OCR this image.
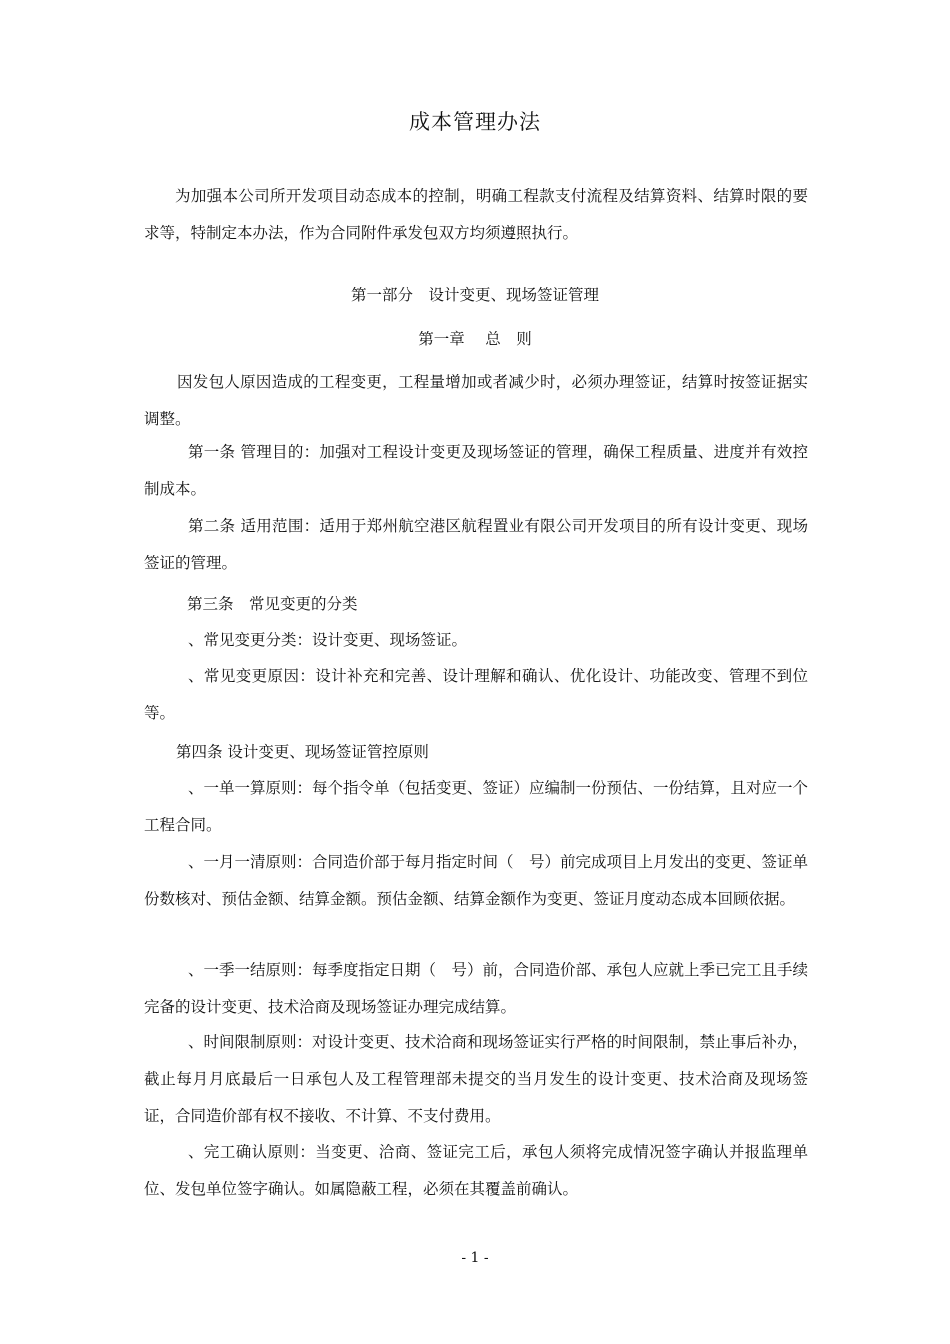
成本管理办法

为加强本公司所开发项目动态成本的控制，明确工程款支付流程及结算资料、结算时限的要求等，特制定本办法，作为合同附件承发包双方均须遵照执行。

第一部分　设计变更、现场签证管理
第一章　 总　则

因发包人原因造成的工程变更，工程量增加或者减少时，必须办理签证，结算时按签证据实调整。

第一条 管理目的：加强对工程设计变更及现场签证的管理，确保工程质量、进度并有效控制成本。

第二条 适用范围：适用于郑州航空港区航程置业有限公司开发项目的所有设计变更、现场签证的管理。

第三条　常见变更的分类

、常见变更分类：设计变更、现场签证。

、常见变更原因：设计补充和完善、设计理解和确认、优化设计、功能改变、管理不到位等。

第四条 设计变更、现场签证管控原则

、一单一算原则：每个指令单（包括变更、签证）应编制一份预估、一份结算，且对应一个工程合同。

、一月一清原则：合同造价部于每月指定时间（　号）前完成项目上月发出的变更、签证单份数核对、预估金额、结算金额。预估金额、结算金额作为变更、签证月度动态成本回顾依据。

、一季一结原则：每季度指定日期（　号）前，合同造价部、承包人应就上季已完工且手续完备的设计变更、技术洽商及现场签证办理完成结算。

、时间限制原则：对设计变更、技术洽商和现场签证实行严格的时间限制，禁止事后补办，截止每月月底最后一日承包人及工程管理部未提交的当月发生的设计变更、技术洽商及现场签证，合同造价部有权不接收、不计算、不支付费用。

、完工确认原则：当变更、洽商、签证完工后，承包人须将完成情况签字确认并报监理单位、发包单位签字确认。如属隐蔽工程，必须在其覆盖前确认。

- 1 -
